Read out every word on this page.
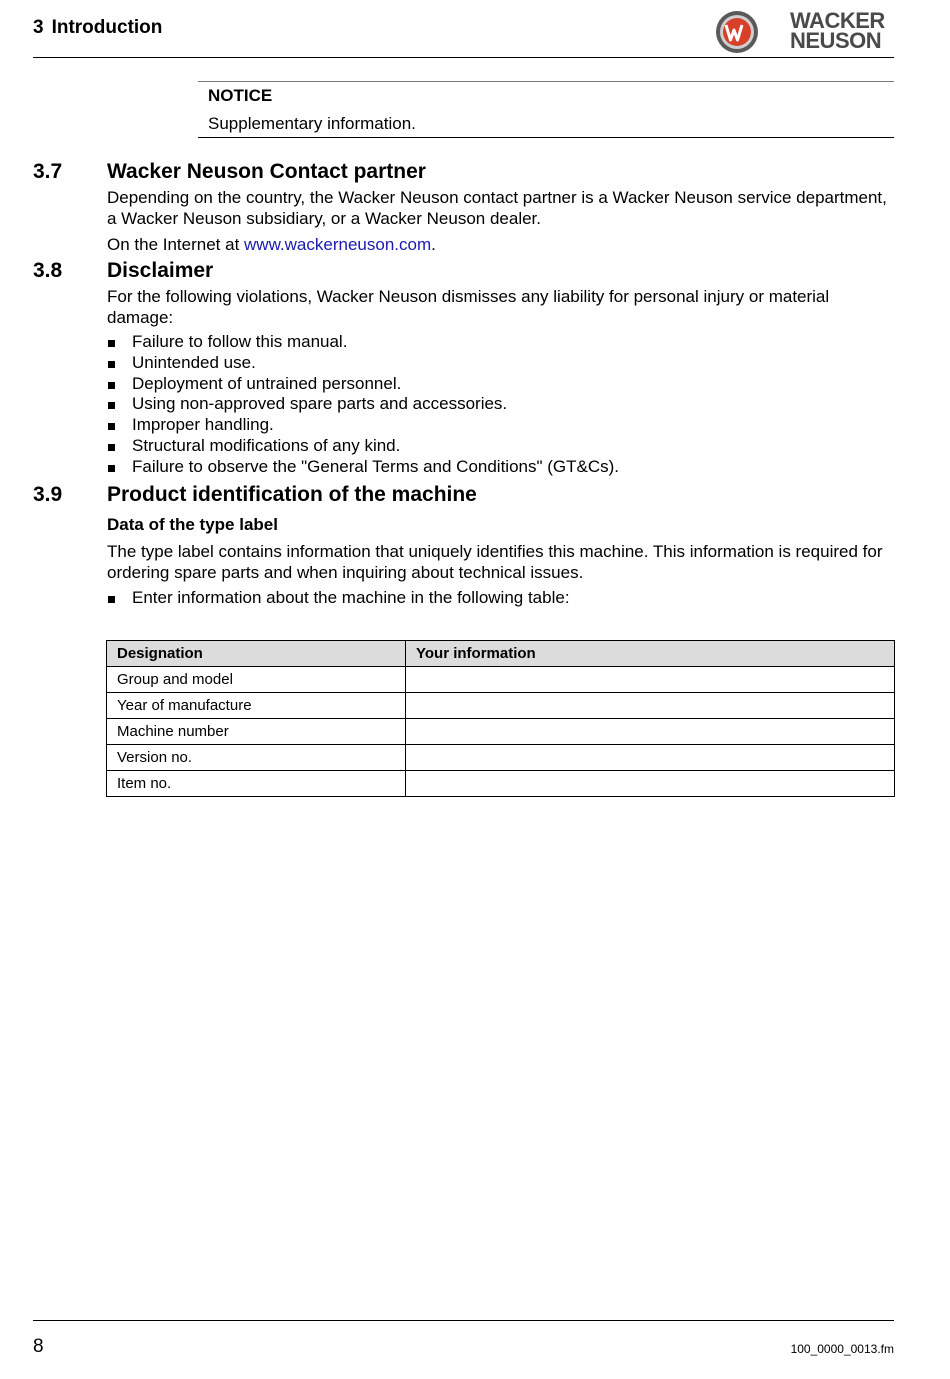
3 Introduction	WACKER
NEUSON
NOTICE
Supplementary information.
3.7 Wacker Neuson Contact partner
Depending on the country, the Wacker Neuson contact partner is a Wacker Neuson service department, a Wacker Neuson subsidiary, or a Wacker Neuson dealer.
On the Internet at www.wackerneuson.com.
3.8 Disclaimer
For the following violations, Wacker Neuson dismisses any liability for personal injury or material damage:
Failure to follow this manual.
Unintended use.
Deployment of untrained personnel.
Using non-approved spare parts and accessories.
Improper handling.
Structural modifications of any kind.
Failure to observe the "General Terms and Conditions" (GT&Cs).
3.9 Product identification of the machine
Data of the type label
The type label contains information that uniquely identifies this machine. This information is required for ordering spare parts and when inquiring about technical issues.
Enter information about the machine in the following table:
Designation	Your information
Group and model	
Year of manufacture	
Machine number	
Version no.	
Item no.	
8	100_0000_0013.fm
